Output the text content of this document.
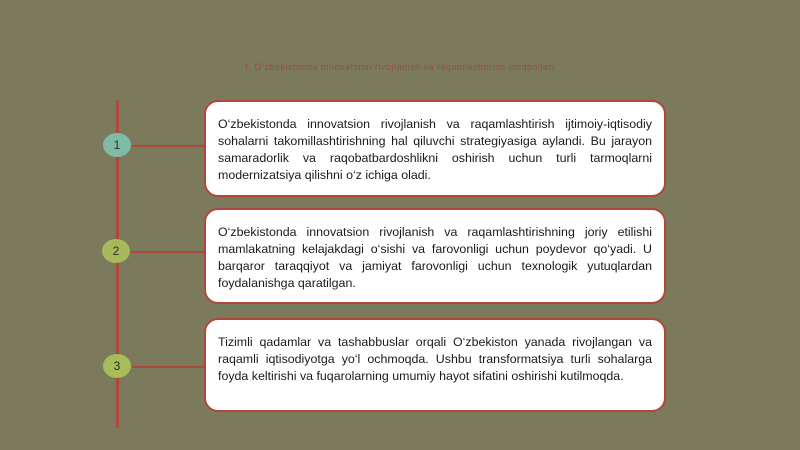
I. O‘zbekistonda innovatsion rivojlanish va raqamlashtirish istiqbollari
1
O‘zbekistonda innovatsion rivojlanish va raqamlashtirish ijtimoiy-iqtisodiy sohalarni takomillashtirishning hal qiluvchi strategiyasiga aylandi. Bu jarayon samaradorlik va raqobatbardoshlikni oshirish uchun turli tarmoqlarni modernizatsiya qilishni o‘z ichiga oladi.
2
O‘zbekistonda innovatsion rivojlanish va raqamlashtirishning joriy etilishi mamlakatning kelajakdagi o‘sishi va farovonligi uchun poydevor qo‘yadi. U barqaror taraqqiyot va jamiyat farovonligi uchun texnologik yutuqlardan foydalanishga qaratilgan.
3
Tizimli qadamlar va tashabbuslar orqali O‘zbekiston yanada rivojlangan va raqamli iqtisodiyotga yo‘l ochmoqda. Ushbu transformatsiya turli sohalarga foyda keltirishi va fuqarolarning umumiy hayot sifatini oshirishi kutilmoqda.
